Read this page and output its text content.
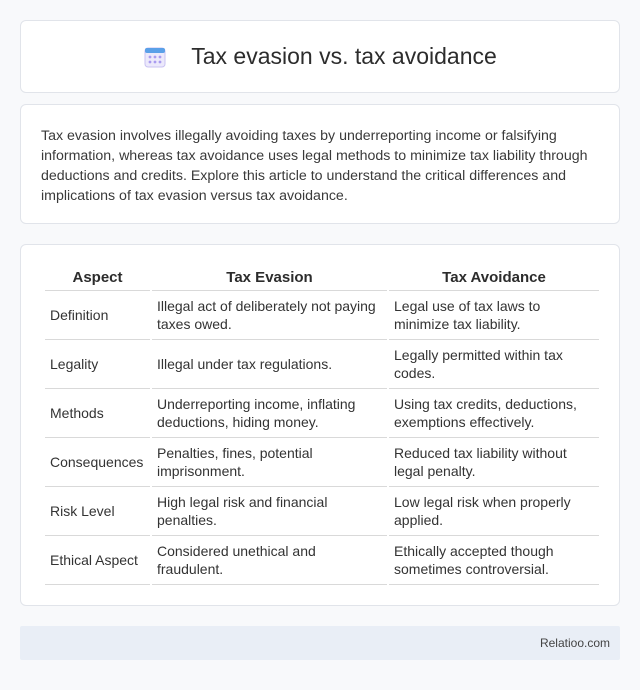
Tax evasion vs. tax avoidance

Tax evasion involves illegally avoiding taxes by underreporting income or falsifying information, whereas tax avoidance uses legal methods to minimize tax liability through deductions and credits. Explore this article to understand the critical differences and implications of tax evasion versus tax avoidance.

Aspect	Tax Evasion	Tax Avoidance
Definition	Illegal act of deliberately not paying taxes owed.	Legal use of tax laws to minimize tax liability.
Legality	Illegal under tax regulations.	Legally permitted within tax codes.
Methods	Underreporting income, inflating deductions, hiding money.	Using tax credits, deductions, exemptions effectively.
Consequences	Penalties, fines, potential imprisonment.	Reduced tax liability without legal penalty.
Risk Level	High legal risk and financial penalties.	Low legal risk when properly applied.
Ethical Aspect	Considered unethical and fraudulent.	Ethically accepted though sometimes controversial.
Relatioo.com
